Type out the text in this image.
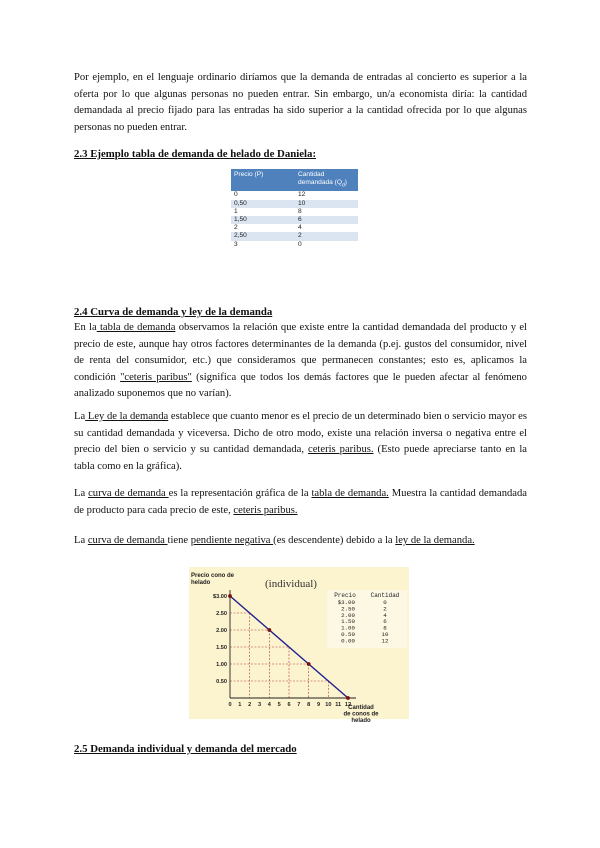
Por ejemplo, en el lenguaje ordinario diríamos que la demanda de entradas al concierto es superior a la oferta por lo que algunas personas no pueden entrar. Sin embargo, un/a economista diría: la cantidad demandada al precio fijado para las entradas ha sido superior a la cantidad ofrecida por lo que algunas personas no pueden entrar.

2.3 Ejemplo tabla de demanda de helado de Daniela:

Precio (P)	Cantidad demandada $(Q_d)$
0	12
0,50	10
1	8
1,50	6
2	4
2,50	2
3	0

2.4 Curva de demanda y ley de la demanda

En la tabla de demanda observamos la relación que existe entre la cantidad demandada del producto y el precio de este, aunque hay otros factores determinantes de la demanda (p.ej. gustos del consumidor, nivel de renta del consumidor, etc.) que consideramos que permanecen constantes; esto es, aplicamos la condición "ceteris paribus" (significa que todos los demás factores que le pueden afectar al fenómeno analizado suponemos que no varían).

La Ley de la demanda establece que cuanto menor es el precio de un determinado bien o servicio mayor es su cantidad demandada y viceversa. Dicho de otro modo, existe una relación inversa o negativa entre el precio del bien o servicio y su cantidad demandada, ceteris paribus. (Esto puede apreciarse tanto en la tabla como en la gráfica).

La curva de demanda es la representación gráfica de la tabla de demanda. Muestra la cantidad demandada de producto para cada precio de este, ceteris paribus.

La curva de demanda tiene pendiente negativa (es descendente) debido a la ley de la demanda.

$3.00
2.50
2.00
1.50
1.00
0.50
0 1 2 3 4 5 6 7 8 9 10 11 12
Precio cono de helado	(individual)
Cantidad de conos de helado
Precio Cantidad
$3.00	0
2.50	2
2.00	4
1.50	6
1.00	8
0.50	10
0.00	12

2.5 Demanda individual y demanda del mercado
